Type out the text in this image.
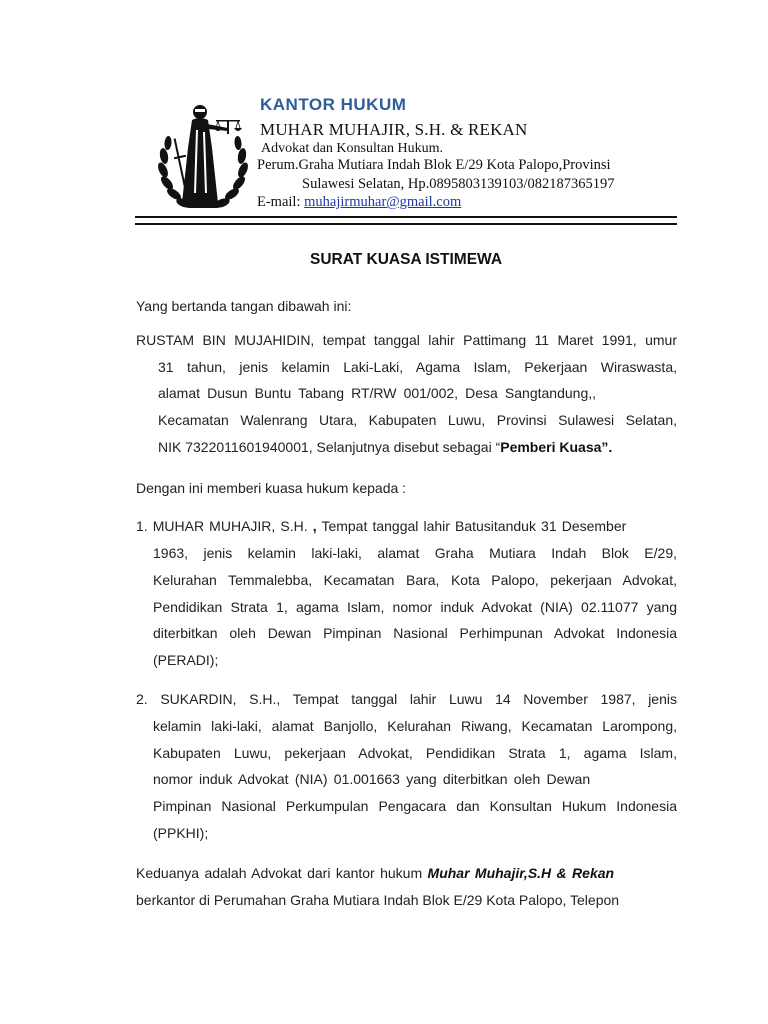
KANTOR HUKUM
MUHAR MUHAJIR, S.H. & REKAN
Advokat dan Konsultan Hukum.
Perum.Graha Mutiara Indah Blok E/29 Kota Palopo,Provinsi
Sulawesi Selatan, Hp.0895803139103/082187365197
E-mail: muhajirmuhar@gmail.com
SURAT KUASA ISTIMEWA
Yang bertanda tangan dibawah ini:
RUSTAM BIN MUJAHIDIN, tempat tanggal lahir Pattimang 11 Maret 1991, umur
31 tahun, jenis kelamin Laki-Laki, Agama Islam, Pekerjaan Wiraswasta,
alamat Dusun Buntu Tabang RT/RW 001/002, Desa Sangtandung,,
Kecamatan Walenrang Utara, Kabupaten Luwu, Provinsi Sulawesi Selatan,
NIK 7322011601940001, Selanjutnya disebut sebagai “Pemberi Kuasa”.
Dengan ini memberi kuasa hukum kepada :
1. MUHAR MUHAJIR, S.H. , Tempat tanggal lahir Batusitanduk 31 Desember
1963, jenis kelamin laki-laki, alamat Graha Mutiara Indah Blok E/29,
Kelurahan Temmalebba, Kecamatan Bara, Kota Palopo, pekerjaan Advokat,
Pendidikan Strata 1, agama Islam, nomor induk Advokat (NIA) 02.11077 yang
diterbitkan oleh Dewan Pimpinan Nasional Perhimpunan Advokat Indonesia
(PERADI);
2. SUKARDIN, S.H., Tempat tanggal lahir Luwu 14 November 1987, jenis
kelamin laki-laki, alamat Banjollo, Kelurahan Riwang, Kecamatan Larompong,
Kabupaten Luwu, pekerjaan Advokat, Pendidikan Strata 1, agama Islam,
nomor induk Advokat (NIA) 01.001663 yang diterbitkan oleh Dewan
Pimpinan Nasional Perkumpulan Pengacara dan Konsultan Hukum Indonesia
(PPKHI);
Keduanya adalah Advokat dari kantor hukum Muhar Muhajir,S.H & Rekan
berkantor di Perumahan Graha Mutiara Indah Blok E/29 Kota Palopo, Telepon
